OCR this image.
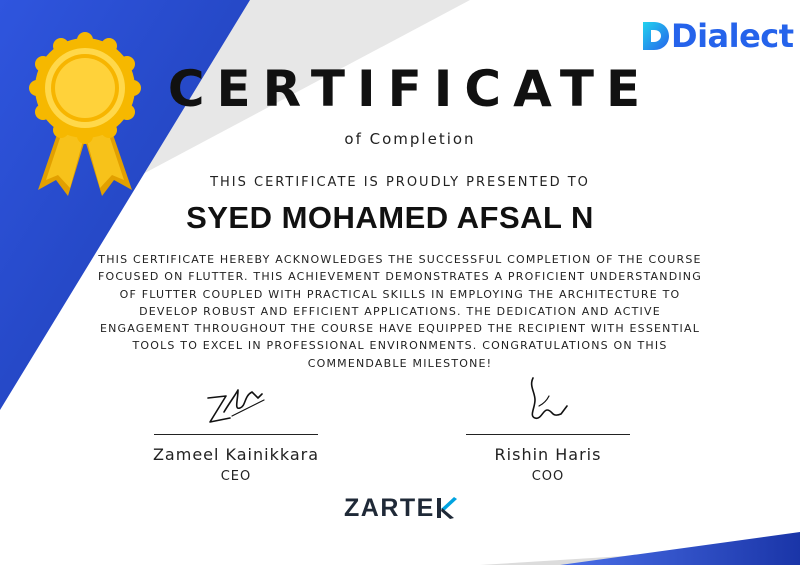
Dialect
CERTIFICATE
of Completion
THIS CERTIFICATE IS PROUDLY PRESENTED TO
SYED MOHAMED AFSAL N
THIS CERTIFICATE HEREBY ACKNOWLEDGES THE SUCCESSFUL COMPLETION OF THE COURSE
FOCUSED ON FLUTTER. THIS ACHIEVEMENT DEMONSTRATES A PROFICIENT UNDERSTANDING
OF FLUTTER COUPLED WITH PRACTICAL SKILLS IN EMPLOYING THE ARCHITECTURE TO
DEVELOP ROBUST AND EFFICIENT APPLICATIONS. THE DEDICATION AND ACTIVE
ENGAGEMENT THROUGHOUT THE COURSE HAVE EQUIPPED THE RECIPIENT WITH ESSENTIAL
TOOLS TO EXCEL IN PROFESSIONAL ENVIRONMENTS. CONGRATULATIONS ON THIS
COMMENDABLE MILESTONE!
Zameel Kainikkara
CEO
Rishin Haris
COO
ZARTE
